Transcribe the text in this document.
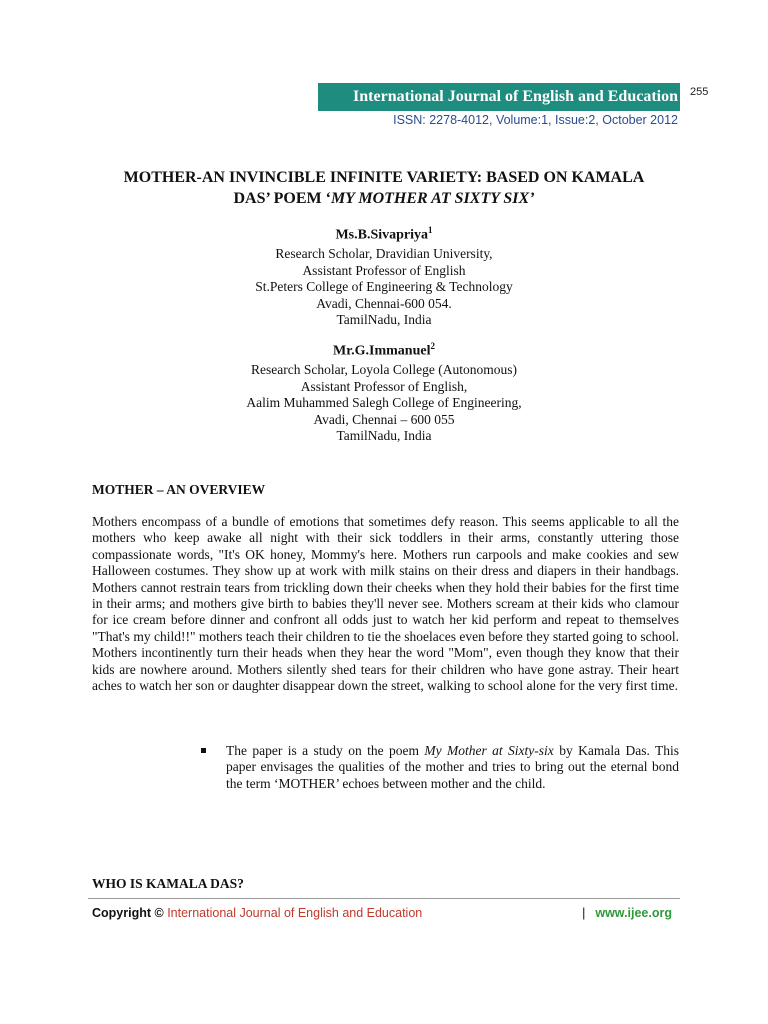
International Journal of English and Education 255
ISSN: 2278-4012, Volume:1, Issue:2, October 2012
MOTHER-AN INVINCIBLE INFINITE VARIETY: BASED ON KAMALA
DAS’ POEM ‘MY MOTHER AT SIXTY SIX’
Ms.B.Sivapriya$^1$
Research Scholar, Dravidian University,
Assistant Professor of English
St.Peters College of Engineering & Technology
Avadi, Chennai-600 054.
TamilNadu, India
Mr.G.Immanuel$^2$
Research Scholar, Loyola College (Autonomous)
Assistant Professor of English,
Aalim Muhammed Salegh College of Engineering,
Avadi, Chennai – 600 055
TamilNadu, India
MOTHER – AN OVERVIEW
Mothers encompass of a bundle of emotions that sometimes defy reason. This seems applicable to all the mothers who keep awake all night with their sick toddlers in their arms, constantly uttering those compassionate words, "It's OK honey, Mommy's here. Mothers run carpools and make cookies and sew Halloween costumes. They show up at work with milk stains on their dress and diapers in their handbags. Mothers cannot restrain tears from trickling down their cheeks when they hold their babies for the first time in their arms; and mothers give birth to babies they'll never see. Mothers scream at their kids who clamour for ice cream before dinner and confront all odds just to watch her kid perform and repeat to themselves "That's my child!!" mothers teach their children to tie the shoelaces even before they started going to school. Mothers incontinently turn their heads when they hear the word "Mom", even though they know that their kids are nowhere around. Mothers silently shed tears for their children who have gone astray. Their heart aches to watch her son or daughter disappear down the street, walking to school alone for the very first time.
The paper is a study on the poem My Mother at Sixty-six by Kamala Das. This paper envisages the qualities of the mother and tries to bring out the eternal bond the term ‘MOTHER’ echoes between mother and the child.
WHO IS KAMALA DAS?
Copyright © International Journal of English and Education	| www.ijee.org
